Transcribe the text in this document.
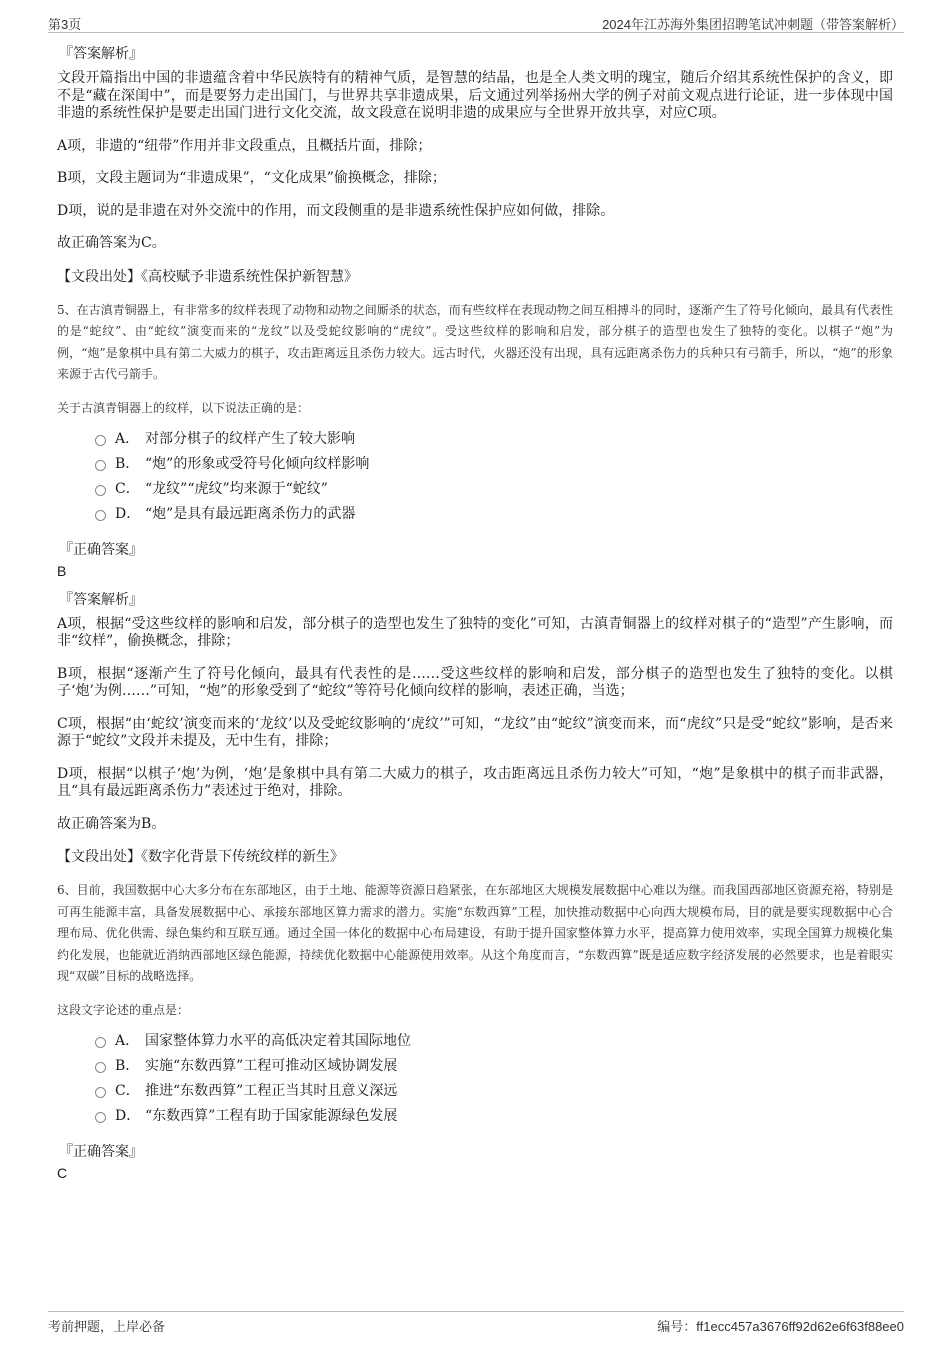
第3页	2024年江苏海外集团招聘笔试冲刺题（带答案解析）
『答案解析』

文段开篇指出中国的非遗蕴含着中华民族特有的精神气质，是智慧的结晶，也是全人类文明的瑰宝，随后介绍其系统性保护的含义，即不是“藏在深闺中”，而是要努力走出国门，与世界共享非遗成果，后文通过列举扬州大学的例子对前文观点进行论证，进一步体现中国非遗的系统性保护是要走出国门进行文化交流，故文段意在说明非遗的成果应与全世界开放共享，对应C项。

A项，非遗的“纽带”作用并非文段重点，且概括片面，排除；

B项，文段主题词为“非遗成果”，“文化成果”偷换概念，排除；

D项，说的是非遗在对外交流中的作用，而文段侧重的是非遗系统性保护应如何做，排除。

故正确答案为C。

【文段出处】《高校赋予非遗系统性保护新智慧》

5、在古滇青铜器上，有非常多的纹样表现了动物和动物之间厮杀的状态，而有些纹样在表现动物之间互相搏斗的同时，逐渐产生了符号化倾向，最具有代表性的是“蛇纹”、由“蛇纹”演变而来的“龙纹”以及受蛇纹影响的“虎纹”。受这些纹样的影响和启发，部分棋子的造型也发生了独特的变化。以棋子“炮”为例，“炮”是象棋中具有第二大威力的棋子，攻击距离远且杀伤力较大。远古时代，火器还没有出现，具有远距离杀伤力的兵种只有弓箭手，所以，“炮”的形象来源于古代弓箭手。

关于古滇青铜器上的纹样，以下说法正确的是：

A． 对部分棋子的纹样产生了较大影响
B． “炮”的形象或受符号化倾向纹样影响
C． “龙纹”“虎纹”均来源于“蛇纹”
D． “炮”是具有最远距离杀伤力的武器
『正确答案』
B
『答案解析』

A项，根据“受这些纹样的影响和启发，部分棋子的造型也发生了独特的变化”可知，古滇青铜器上的纹样对棋子的“造型”产生影响，而非“纹样”，偷换概念，排除；

B项，根据“逐渐产生了符号化倾向，最具有代表性的是……受这些纹样的影响和启发，部分棋子的造型也发生了独特的变化。以棋子‘炮’为例……”可知，“炮”的形象受到了“蛇纹”等符号化倾向纹样的影响，表述正确，当选；

C项，根据“由‘蛇纹’演变而来的‘龙纹’以及受蛇纹影响的‘虎纹’”可知，“龙纹”由“蛇纹”演变而来，而“虎纹”只是受“蛇纹”影响，是否来源于“蛇纹”文段并未提及，无中生有，排除；

D项，根据“以棋子‘炮’为例，‘炮’是象棋中具有第二大威力的棋子，攻击距离远且杀伤力较大”可知，“炮”是象棋中的棋子而非武器，且“具有最远距离杀伤力”表述过于绝对，排除。

故正确答案为B。

【文段出处】《数字化背景下传统纹样的新生》

6、目前，我国数据中心大多分布在东部地区，由于土地、能源等资源日趋紧张，在东部地区大规模发展数据中心难以为继。而我国西部地区资源充裕，特别是可再生能源丰富，具备发展数据中心、承接东部地区算力需求的潜力。实施“东数西算”工程，加快推动数据中心向西大规模布局，目的就是要实现数据中心合理布局、优化供需、绿色集约和互联互通。通过全国一体化的数据中心布局建设，有助于提升国家整体算力水平，提高算力使用效率，实现全国算力规模化集约化发展，也能就近消纳西部地区绿色能源，持续优化数据中心能源使用效率。从这个角度而言，“东数西算”既是适应数字经济发展的必然要求，也是着眼实现“双碳”目标的战略选择。

这段文字论述的重点是：

A． 国家整体算力水平的高低决定着其国际地位
B． 实施“东数西算”工程可推动区域协调发展
C． 推进“东数西算”工程正当其时且意义深远
D． “东数西算”工程有助于国家能源绿色发展
『正确答案』
C
考前押题，上岸必备	编号：ff1ecc457a3676ff92d62e6f63f88ee0
